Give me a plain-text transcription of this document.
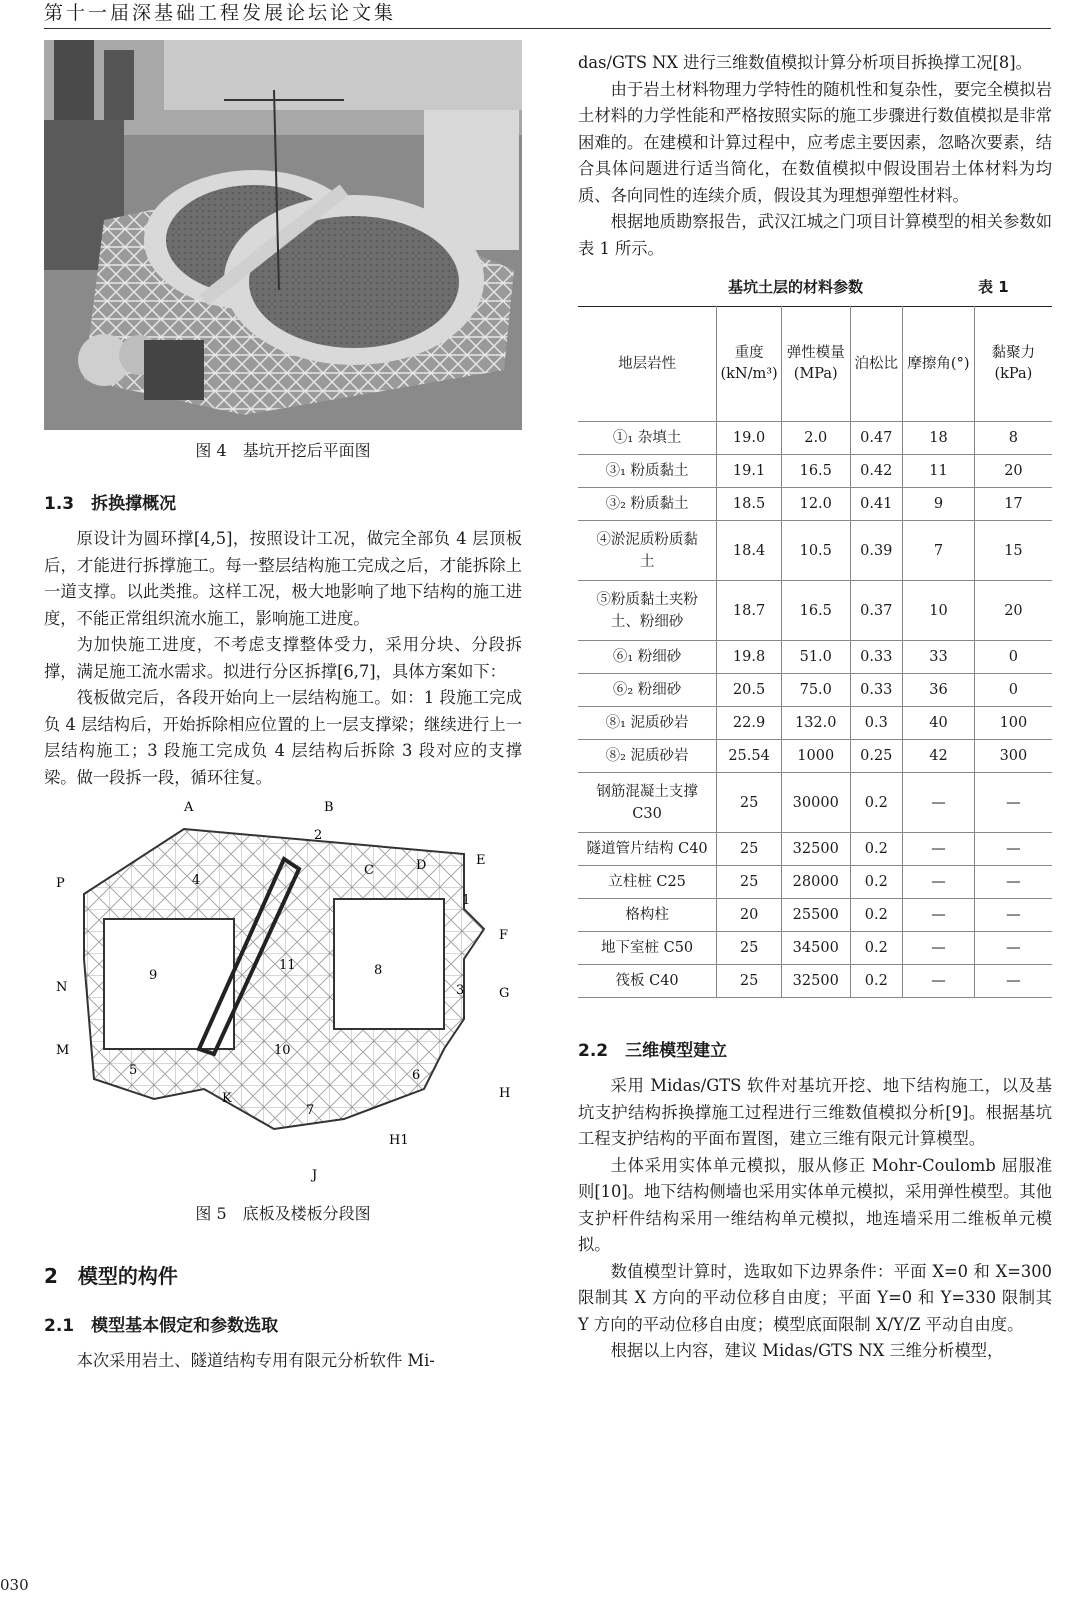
第十一届深基础工程发展论坛论文集
图 4　基坑开挖后平面图
1.3　拆换撑概况

原设计为圆环撑[4,5]，按照设计工况，做完全部负 4 层顶板后，才能进行拆撑施工。每一整层结构施工完成之后，才能拆除上一道支撑。以此类推。这样工况，极大地影响了地下结构的施工进度，不能正常组织流水施工，影响施工进度。

为加快施工进度，不考虑支撑整体受力，采用分块、分段拆撑，满足施工流水需求。拟进行分区拆撑[6,7]，具体方案如下：

筏板做完后，各段开始向上一层结构施工。如：1 段施工完成负 4 层结构后，开始拆除相应位置的上一层支撑梁；继续进行上一层结构施工；3 段施工完成负 4 层结构后拆除 3 段对应的支撑梁。做一段拆一段，循环往复。

A	B
C	D	E
F
G
H
H1
J
K
M
N
P
1
2
3
4
5	6
7
8
9
10
11
图 5　底板及楼板分段图
2　模型的构件
2.1　模型基本假定和参数选取

本次采用岩土、隧道结构专用有限元分析软件 Mi-

das/GTS NX 进行三维数值模拟计算分析项目拆换撑工况[8]。

由于岩土材料物理力学特性的随机性和复杂性，要完全模拟岩土材料的力学性能和严格按照实际的施工步骤进行数值模拟是非常困难的。在建模和计算过程中，应考虑主要因素，忽略次要素，结合具体问题进行适当简化，在数值模拟中假设围岩土体材料为均质、各向同性的连续介质，假设其为理想弹塑性材料。

根据地质勘察报告，武汉江城之门项目计算模型的相关参数如表 1 所示。

基坑土层的材料参数	表 1
地层岩性	重度(kN/m³)	弹性模量(MPa)	泊松比	摩擦角(°)	黏聚力(kPa)
①₁ 杂填土	19.0	2.0	0.47	18	8
③₁ 粉质黏土	19.1	16.5	0.42	11	20
③₂ 粉质黏土	18.5	12.0	0.41	9	17
④淤泥质粉质黏土	18.4	10.5	0.39	7	15
⑤粉质黏土夹粉土、粉细砂	18.7	16.5	0.37	10	20
⑥₁ 粉细砂	19.8	51.0	0.33	33	0
⑥₂ 粉细砂	20.5	75.0	0.33	36	0
⑧₁ 泥质砂岩	22.9	132.0	0.3	40	100
⑧₂ 泥质砂岩	25.54	1000	0.25	42	300
钢筋混凝土支撑 C30	25	30000	0.2	—	—
隧道管片结构 C40	25	32500	0.2	—	—
立柱桩 C25	25	28000	0.2	—	—
格构柱	20	25500	0.2	—	—
地下室桩 C50	25	34500	0.2	—	—
筏板 C40	25	32500	0.2	—	—
2.2　三维模型建立

采用 Midas/GTS 软件对基坑开挖、地下结构施工，以及基坑支护结构拆换撑施工过程进行三维数值模拟分析[9]。根据基坑工程支护结构的平面布置图，建立三维有限元计算模型。

土体采用实体单元模拟，服从修正 Mohr-Coulomb 屈服准则[10]。地下结构侧墙也采用实体单元模拟，采用弹性模型。其他支护杆件结构采用一维结构单元模拟，地连墙采用二维板单元模拟。

数值模型计算时，选取如下边界条件：平面 X=0 和 X=300 限制其 X 方向的平动位移自由度；平面 Y=0 和 Y=330 限制其 Y 方向的平动位移自由度；模型底面限制 X/Y/Z 平动自由度。

根据以上内容，建议 Midas/GTS NX 三维分析模型，

030
